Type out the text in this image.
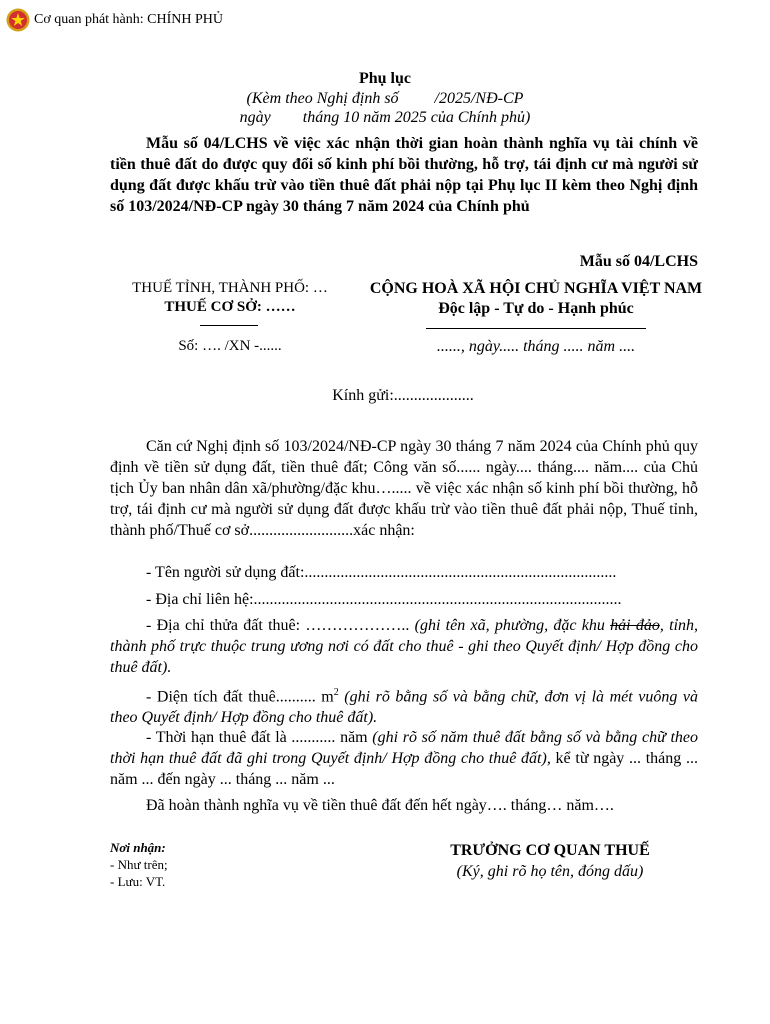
Cơ quan phát hành: CHÍNH PHỦ
Phụ lục
(Kèm theo Nghị định số         /2025/NĐ-CP
ngày        tháng 10 năm 2025 của Chính phủ)
Mẫu số 04/LCHS về việc xác nhận thời gian hoàn thành nghĩa vụ tài chính về tiền thuê đất do được quy đổi số kinh phí bồi thường, hỗ trợ, tái định cư mà người sử dụng đất được khấu trừ vào tiền thuê đất phải nộp tại Phụ lục II kèm theo Nghị định số 103/2024/NĐ-CP ngày 30 tháng 7 năm 2024 của Chính phủ
Mẫu số 04/LCHS
THUẾ TỈNH, THÀNH PHỐ: …
THUẾ CƠ SỞ: ……
CỘNG HOÀ XÃ HỘI CHỦ NGHĨA VIỆT NAM
Độc lập - Tự do - Hạnh phúc
Số: …. /XN -......	......, ngày..... tháng ..... năm ....
Kính gửi:....................
Căn cứ Nghị định số 103/2024/NĐ-CP ngày 30 tháng 7 năm 2024 của Chính phủ quy định về tiền sử dụng đất, tiền thuê đất; Công văn số...... ngày.... tháng.... năm.... của Chủ tịch Ủy ban nhân dân xã/phường/đặc khu…..... về việc xác nhận số kinh phí bồi thường, hỗ trợ, tái định cư mà người sử dụng đất được khấu trừ vào tiền thuê đất phải nộp, Thuế tỉnh, thành phố/Thuế cơ sở..........................xác nhận:
- Tên người sử dụng đất:..............................................................................
- Địa chỉ liên hệ:............................................................................................
- Địa chỉ thửa đất thuê: ……………….. (ghi tên xã, phường, đặc khu hải đảo, tỉnh, thành phố trực thuộc trung ương nơi có đất cho thuê - ghi theo Quyết định/ Hợp đồng cho thuê đất).
- Diện tích đất thuê.......... $m^2$ (ghi rõ bằng số và bằng chữ, đơn vị là mét vuông và theo Quyết định/ Hợp đồng cho thuê đất).
- Thời hạn thuê đất là ........... năm (ghi rõ số năm thuê đất bằng số và bằng chữ theo thời hạn thuê đất đã ghi trong Quyết định/ Hợp đồng cho thuê đất), kể từ ngày ... tháng ... năm ... đến ngày ... tháng ... năm ...
Đã hoàn thành nghĩa vụ về tiền thuê đất đến hết ngày…. tháng… năm….
Nơi nhận:
- Như trên;
- Lưu: VT.
TRƯỞNG CƠ QUAN THUẾ
(Ký, ghi rõ họ tên, đóng dấu)
